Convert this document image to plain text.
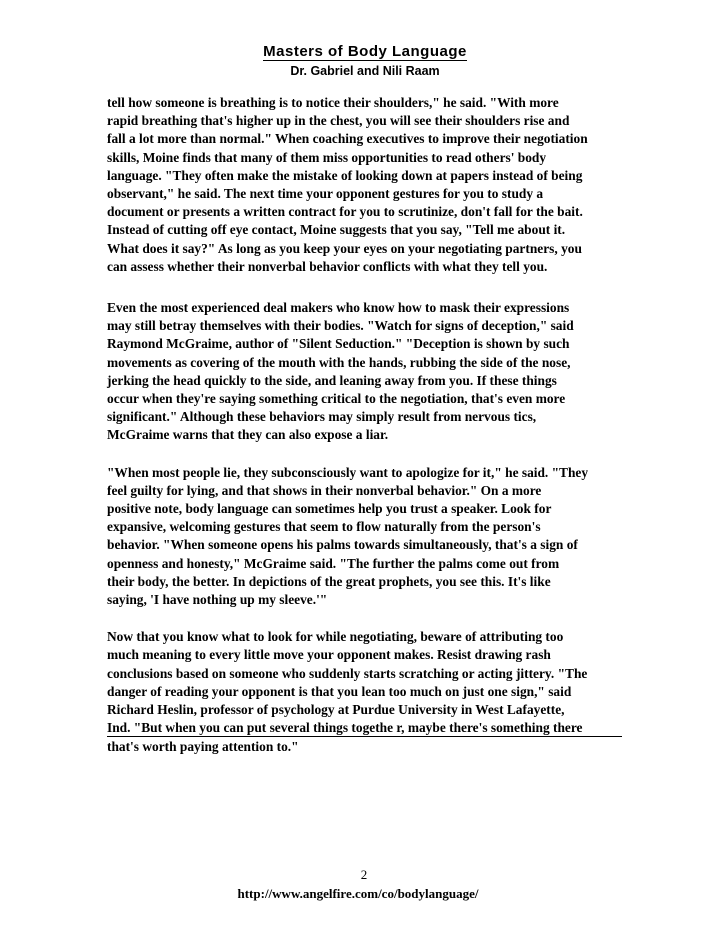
Masters of Body Language
Dr. Gabriel and Nili Raam

tell how someone is breathing is to notice their shoulders," he said. "With more
rapid breathing that's higher up in the chest, you will see their shoulders rise and
fall a lot more than normal." When coaching executives to improve their negotiation
skills, Moine finds that many of them miss opportunities to read others' body
language. "They often make the mistake of looking down at papers instead of being
observant," he said. The next time your opponent gestures for you to study a
document or presents a written contract for you to scrutinize, don't fall for the bait.
Instead of cutting off eye contact, Moine suggests that you say, "Tell me about it.
What does it say?" As long as you keep your eyes on your negotiating partners, you
can assess whether their nonverbal behavior conflicts with what they tell you.

Even the most experienced deal makers who know how to mask their expressions
may still betray themselves with their bodies. "Watch for signs of deception," said
Raymond McGraime, author of "Silent Seduction." "Deception is shown by such
movements as covering of the mouth with the hands, rubbing the side of the nose,
jerking the head quickly to the side, and leaning away from you. If these things
occur when they're saying something critical to the negotiation, that's even more
significant." Although these behaviors may simply result from nervous tics,
McGraime warns that they can also expose a liar.

"When most people lie, they subconsciously want to apologize for it," he said. "They
feel guilty for lying, and that shows in their nonverbal behavior." On a more
positive note, body language can sometimes help you trust a speaker. Look for
expansive, welcoming gestures that seem to flow naturally from the person's
behavior. "When someone opens his palms towards simultaneously, that's a sign of
openness and honesty," McGraime said. "The further the palms come out from
their body, the better. In depictions of the great prophets, you see this. It's like
saying, 'I have nothing up my sleeve.'"

Now that you know what to look for while negotiating, beware of attributing too
much meaning to every little move your opponent makes. Resist drawing rash
conclusions based on someone who suddenly starts scratching or acting jittery. "The
danger of reading your opponent is that you lean too much on just one sign," said
Richard Heslin, professor of psychology at Purdue University in West Lafayette,
Ind. "But when you can put several things togethe r, maybe there's something there
that's worth paying attention to."

2
http://www.angelfire.com/co/bodylanguage/
